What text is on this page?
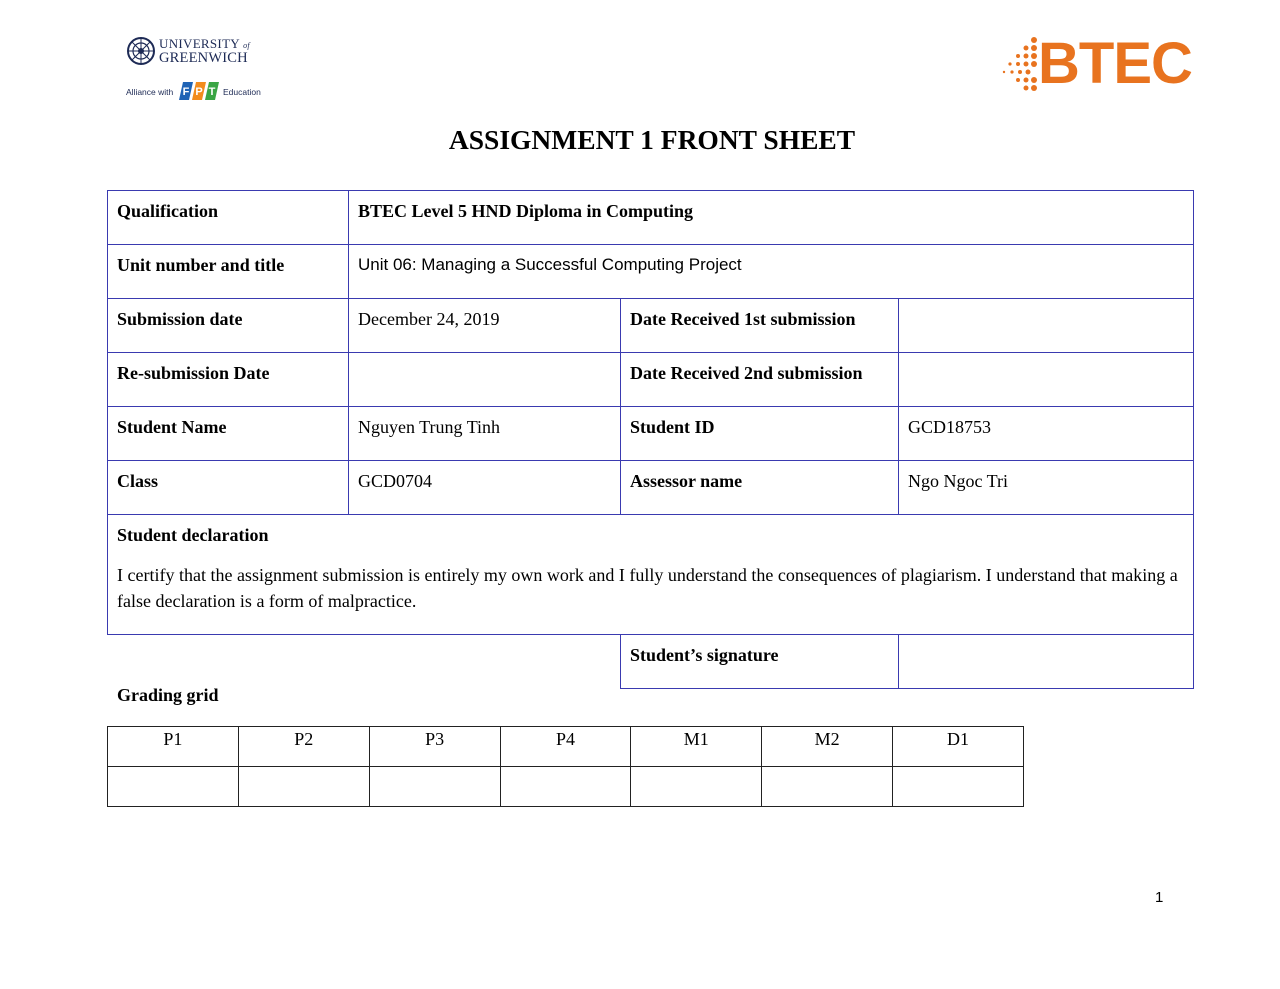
UNIVERSITY of
GREENWICH
Alliance with F P T Education	BTEC
ASSIGNMENT 1 FRONT SHEET
Qualification	BTEC Level 5 HND Diploma in Computing		
Unit number and title	Unit 06: Managing a Successful Computing Project		
Submission date	December 24, 2019	Date Received 1st submission	
Re-submission Date		Date Received 2nd submission	
Student Name	Nguyen Trung Tinh	Student ID	GCD18753
Class	GCD0704	Assessor name	Ngo Ngoc Tri

Student declaration
I certify that the assignment submission is entirely my own work and I fully understand the consequences of plagiarism. I understand that making a false declaration is a form of malpractice.			

		Student’s signature	
Grading grid
P1	P2	P3	P4	M1	M2	D1

1
